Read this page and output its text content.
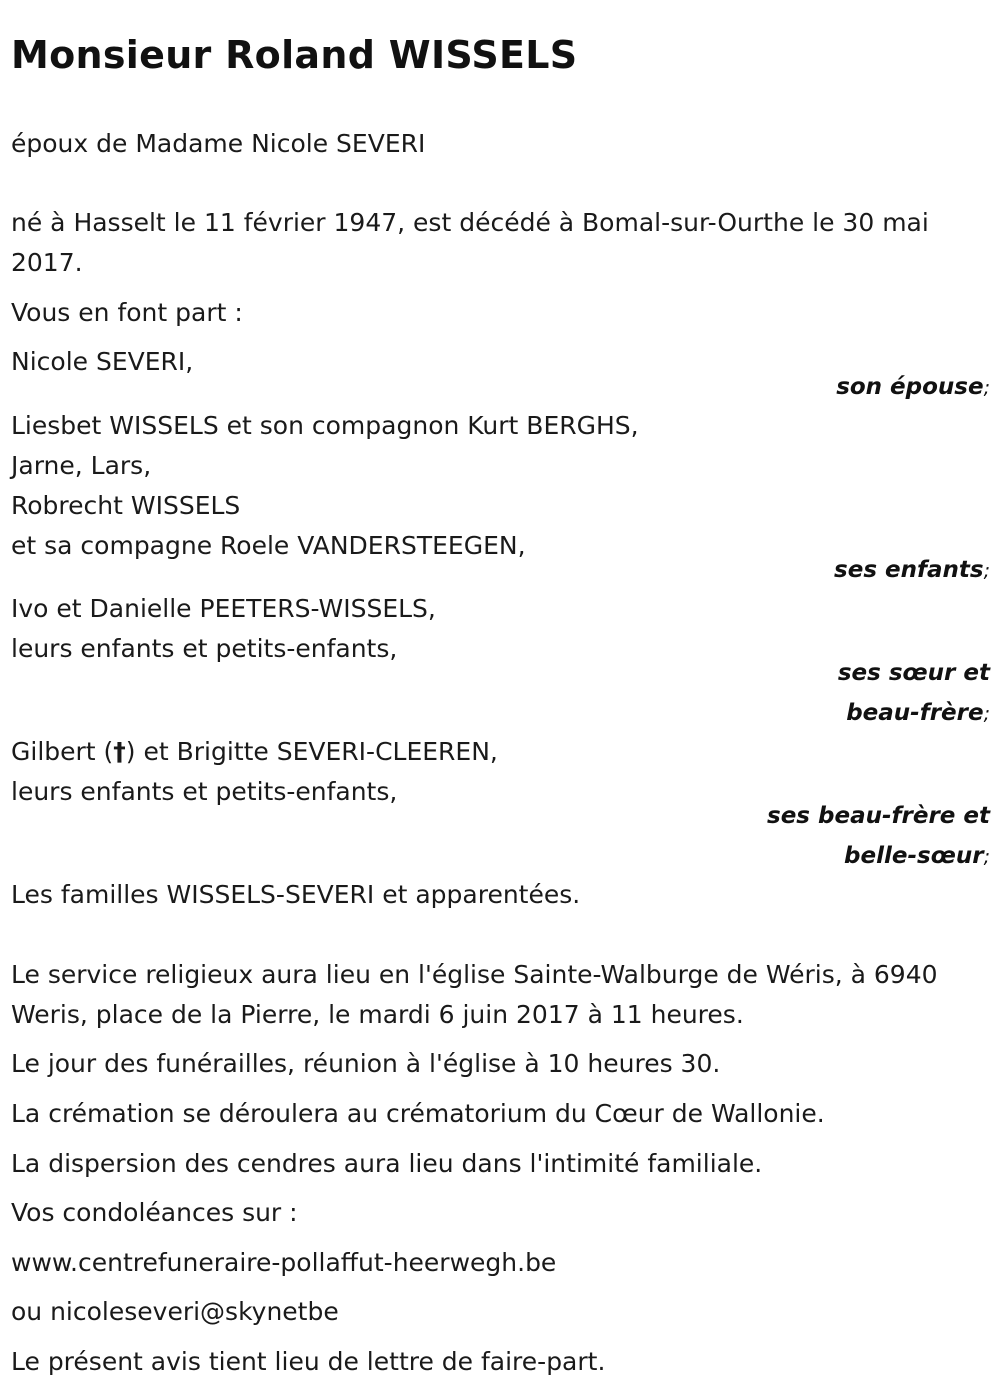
Monsieur Roland WISSELS
époux de Madame Nicole SEVERI
né à Hasselt le 11 février 1947, est décédé à Bomal-sur-Ourthe le 30 mai 2017.
Vous en font part :
Nicole SEVERI,
son épouse;
Liesbet WISSELS et son compagnon Kurt BERGHS,
Jarne, Lars,
Robrecht WISSELS
et sa compagne Roele VANDERSTEEGEN,
ses enfants;
Ivo et Danielle PEETERS-WISSELS,
leurs enfants et petits-enfants,
ses sœur et
beau-frère;
Gilbert (†) et Brigitte SEVERI-CLEEREN,
leurs enfants et petits-enfants,
ses beau-frère et
belle-sœur;
Les familles WISSELS-SEVERI et apparentées.
Le service religieux aura lieu en l'église Sainte-Walburge de Wéris, à 6940 Weris, place de la Pierre, le mardi 6 juin 2017 à 11 heures.
Le jour des funérailles, réunion à l'église à 10 heures 30.
La crémation se déroulera au crématorium du Cœur de Wallonie.
La dispersion des cendres aura lieu dans l'intimité familiale.
Vos condoléances sur :
www.centrefuneraire-pollaffut-heerwegh.be
ou nicoleseveri@skynetbe
Le présent avis tient lieu de lettre de faire-part.
